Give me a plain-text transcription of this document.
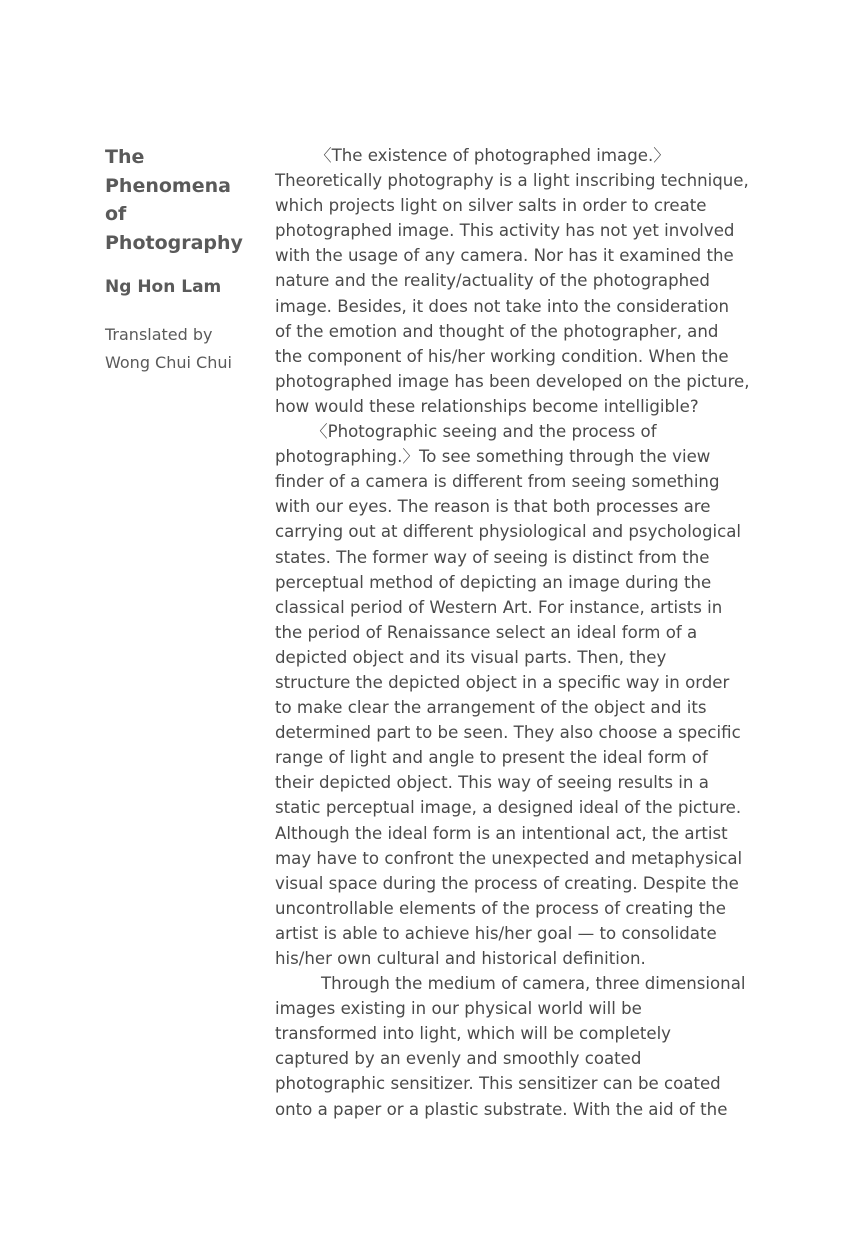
The
Phenomena
of
Photography
Ng Hon Lam
Translated by
Wong Chui Chui
〈The existence of photographed image.〉
Theoretically photography is a light inscribing technique,
which projects light on silver salts in order to create
photographed image. This activity has not yet involved
with the usage of any camera. Nor has it examined the
nature and the reality/actuality of the photographed
image. Besides, it does not take into the consideration
of the emotion and thought of the photographer, and
the component of his/her working condition. When the
photographed image has been developed on the picture,
how would these relationships become intelligible?
〈Photographic seeing and the process of
photographing.〉To see something through the view
finder of a camera is different from seeing something
with our eyes. The reason is that both processes are
carrying out at different physiological and psychological
states. The former way of seeing is distinct from the
perceptual method of depicting an image during the
classical period of Western Art. For instance, artists in
the period of Renaissance select an ideal form of a
depicted object and its visual parts. Then, they
structure the depicted object in a specific way in order
to make clear the arrangement of the object and its
determined part to be seen. They also choose a specific
range of light and angle to present the ideal form of
their depicted object. This way of seeing results in a
static perceptual image, a designed ideal of the picture.
Although the ideal form is an intentional act, the artist
may have to confront the unexpected and metaphysical
visual space during the process of creating. Despite the
uncontrollable elements of the process of creating the
artist is able to achieve his/her goal — to consolidate
his/her own cultural and historical definition.
Through the medium of camera, three dimensional
images existing in our physical world will be
transformed into light, which will be completely
captured by an evenly and smoothly coated
photographic sensitizer. This sensitizer can be coated
onto a paper or a plastic substrate. With the aid of the
